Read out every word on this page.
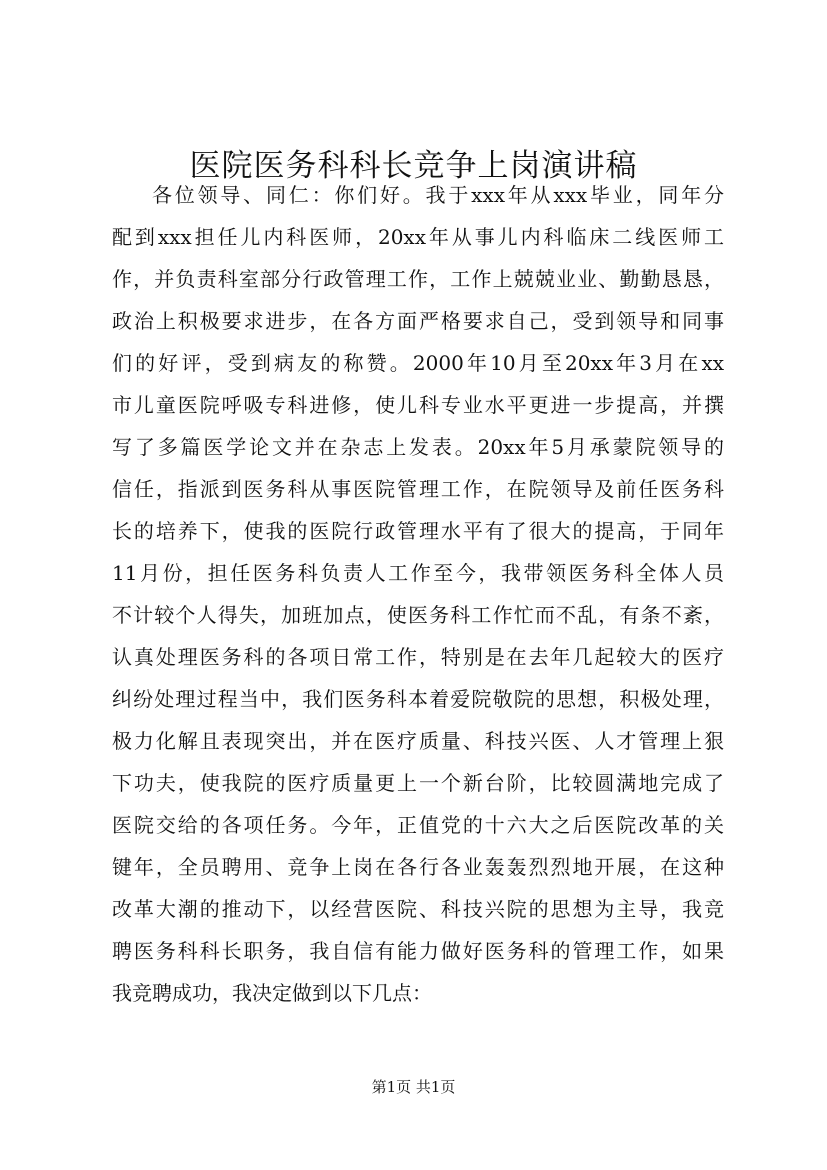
医院医务科科长竞争上岗演讲稿
各位领导、同仁：你们好。我于xxx年从xxx毕业，同年分
配到xxx担任儿内科医师，20xx年从事儿内科临床二线医师工
作，并负责科室部分行政管理工作，工作上兢兢业业、勤勤恳恳，
政治上积极要求进步，在各方面严格要求自己，受到领导和同事
们的好评，受到病友的称赞。2000年10月至20xx年3月在xx
市儿童医院呼吸专科进修，使儿科专业水平更进一步提高，并撰
写了多篇医学论文并在杂志上发表。20xx年5月承蒙院领导的
信任，指派到医务科从事医院管理工作，在院领导及前任医务科
长的培养下，使我的医院行政管理水平有了很大的提高，于同年
11月份，担任医务科负责人工作至今，我带领医务科全体人员
不计较个人得失，加班加点，使医务科工作忙而不乱，有条不紊，
认真处理医务科的各项日常工作，特别是在去年几起较大的医疗
纠纷处理过程当中，我们医务科本着爱院敬院的思想，积极处理，
极力化解且表现突出，并在医疗质量、科技兴医、人才管理上狠
下功夫，使我院的医疗质量更上一个新台阶，比较圆满地完成了
医院交给的各项任务。今年，正值党的十六大之后医院改革的关
键年，全员聘用、竞争上岗在各行各业轰轰烈烈地开展，在这种
改革大潮的推动下，以经营医院、科技兴院的思想为主导，我竞
聘医务科科长职务，我自信有能力做好医务科的管理工作，如果
我竞聘成功，我决定做到以下几点：
第1页 共1页
